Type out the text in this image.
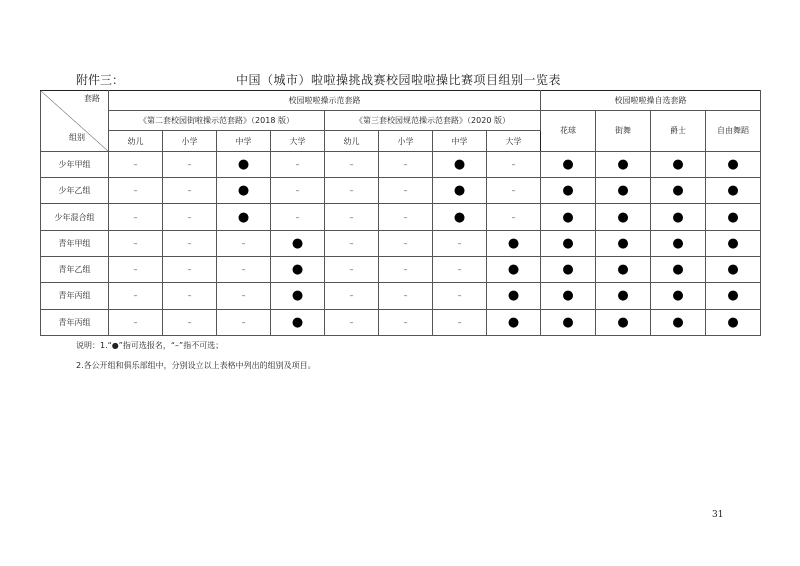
附件三：	中国（城市）啦啦操挑战赛校园啦啦操比赛项目组别一览表
套路
组别	校园啦啦操示范套路								校园啦啦操自选套路			
	《第二套校园街啦操示范套路》（2018 版）				《第三套校园规范操示范套路》（2020 版）				花球	街舞	爵士	自由舞蹈
	幼儿	小学	中学	大学	幼儿	小学	中学	大学				
少年甲组	–	–	●	–	–	–	●	–	●	●	●	●
少年乙组	–	–	●	–	–	–	●	–	●	●	●	●
少年混合组	–	–	●	–	–	–	●	–	●	●	●	●
青年甲组	–	–	–	●	–	–	–	●	●	●	●	●
青年乙组	–	–	–	●	–	–	–	●	●	●	●	●
青年丙组	–	–	–	●	–	–	–	●	●	●	●	●
青年丙组	–	–	–	●	–	–	–	●	●	●	●	●
说明：1.“●”指可选报名，“–”指不可选；
2.各公开组和俱乐部组中，分别设立以上表格中列出的组别及项目。
31
